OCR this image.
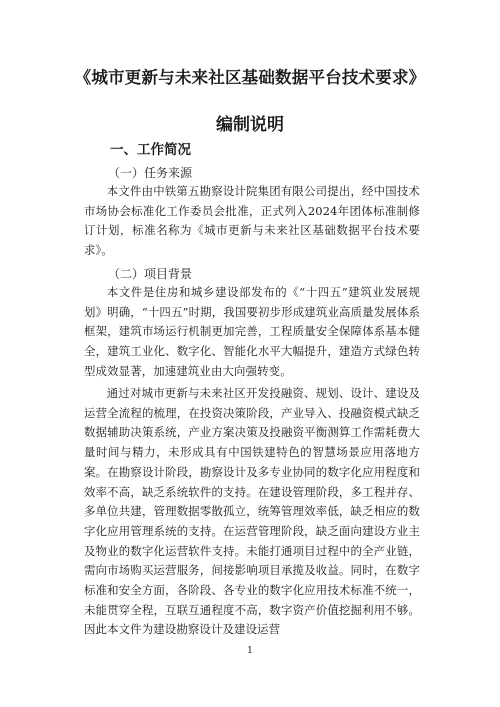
《城市更新与未来社区基础数据平台技术要求》
编制说明
一、工作简况
（一）任务来源

本文件由中铁第五勘察设计院集团有限公司提出，经中国技术市场协会标准化工作委员会批准，正式列入2024年团体标准制修订计划，标准名称为《城市更新与未来社区基础数据平台技术要求》。

（二）项目背景

本文件是住房和城乡建设部发布的《“十四五”建筑业发展规划》明确，“十四五”时期，我国要初步形成建筑业高质量发展体系框架，建筑市场运行机制更加完善，工程质量安全保障体系基本健全，建筑工业化、数字化、智能化水平大幅提升，建造方式绿色转型成效显著，加速建筑业由大向强转变。

通过对城市更新与未来社区开发投融资、规划、设计、建设及运营全流程的梳理，在投资决策阶段，产业导入、投融资模式缺乏数据辅助决策系统，产业方案决策及投融资平衡测算工作需耗费大量时间与精力，未形成具有中国铁建特色的智慧场景应用落地方案。在勘察设计阶段，勘察设计及多专业协同的数字化应用程度和效率不高，缺乏系统软件的支持。在建设管理阶段，多工程并存、多单位共建，管理数据零散孤立，统筹管理效率低，缺乏相应的数字化应用管理系统的支持。在运营管理阶段，缺乏面向建设方业主及物业的数字化运营软件支持。未能打通项目过程中的全产业链，需向市场购买运营服务，间接影响项目承揽及收益。同时，在数字标准和安全方面，各阶段、各专业的数字化应用技术标准不统一，未能贯穿全程，互联互通程度不高，数字资产价值挖掘利用不够。因此本文件为建设勘察设计及建设运营

1
